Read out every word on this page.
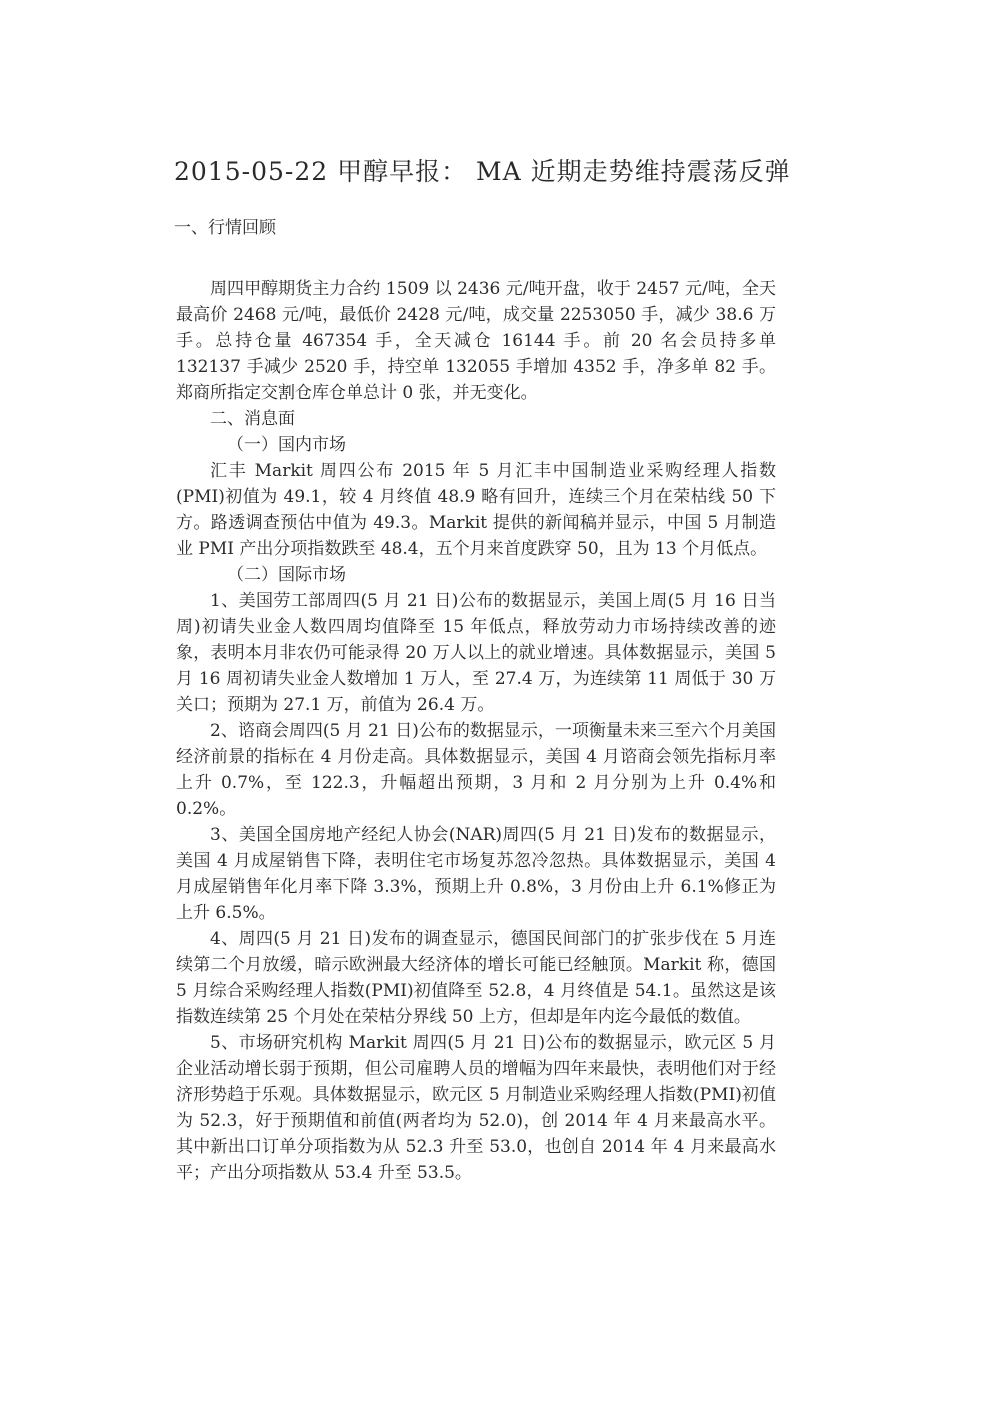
2015-05-22 甲醇早报： MA 近期走势维持震荡反弹
一、行情回顾

周四甲醇期货主力合约 1509 以 2436 元/吨开盘，收于 2457 元/吨，全天最高价 2468 元/吨，最低价 2428 元/吨，成交量 2253050 手，减少 38.6 万手。总持仓量 467354 手，全天减仓 16144 手。前 20 名会员持多单 132137 手减少 2520 手，持空单 132055 手增加 4352 手，净多单 82 手。郑商所指定交割仓库仓单总计 0 张，并无变化。

二、消息面

（一）国内市场

汇丰 Markit 周四公布 2015 年 5 月汇丰中国制造业采购经理人指数(PMI)初值为 49.1，较 4 月终值 48.9 略有回升，连续三个月在荣枯线 50 下方。路透调查预估中值为 49.3。Markit 提供的新闻稿并显示，中国 5 月制造业 PMI 产出分项指数跌至 48.4，五个月来首度跌穿 50，且为 13 个月低点。

（二）国际市场

1、美国劳工部周四(5 月 21 日)公布的数据显示，美国上周(5 月 16 日当周)初请失业金人数四周均值降至 15 年低点，释放劳动力市场持续改善的迹象，表明本月非农仍可能录得 20 万人以上的就业增速。具体数据显示，美国 5 月 16 周初请失业金人数增加 1 万人，至 27.4 万，为连续第 11 周低于 30 万关口；预期为 27.1 万，前值为 26.4 万。

2、谘商会周四(5 月 21 日)公布的数据显示，一项衡量未来三至六个月美国经济前景的指标在 4 月份走高。具体数据显示，美国 4 月谘商会领先指标月率上升 0.7%，至 122.3，升幅超出预期，3 月和 2 月分别为上升 0.4%和 0.2%。

3、美国全国房地产经纪人协会(NAR)周四(5 月 21 日)发布的数据显示，美国 4 月成屋销售下降，表明住宅市场复苏忽冷忽热。具体数据显示，美国 4 月成屋销售年化月率下降 3.3%，预期上升 0.8%，3 月份由上升 6.1%修正为上升 6.5%。

4、周四(5 月 21 日)发布的调查显示，德国民间部门的扩张步伐在 5 月连续第二个月放缓，暗示欧洲最大经济体的增长可能已经触顶。Markit 称，德国 5 月综合采购经理人指数(PMI)初值降至 52.8，4 月终值是 54.1。虽然这是该指数连续第 25 个月处在荣枯分界线 50 上方，但却是年内迄今最低的数值。

5、市场研究机构 Markit 周四(5 月 21 日)公布的数据显示，欧元区 5 月企业活动增长弱于预期，但公司雇聘人员的增幅为四年来最快，表明他们对于经济形势趋于乐观。具体数据显示，欧元区 5 月制造业采购经理人指数(PMI)初值为 52.3，好于预期值和前值(两者均为 52.0)，创 2014 年 4 月来最高水平。其中新出口订单分项指数为从 52.3 升至 53.0，也创自 2014 年 4 月来最高水平；产出分项指数从 53.4 升至 53.5。
